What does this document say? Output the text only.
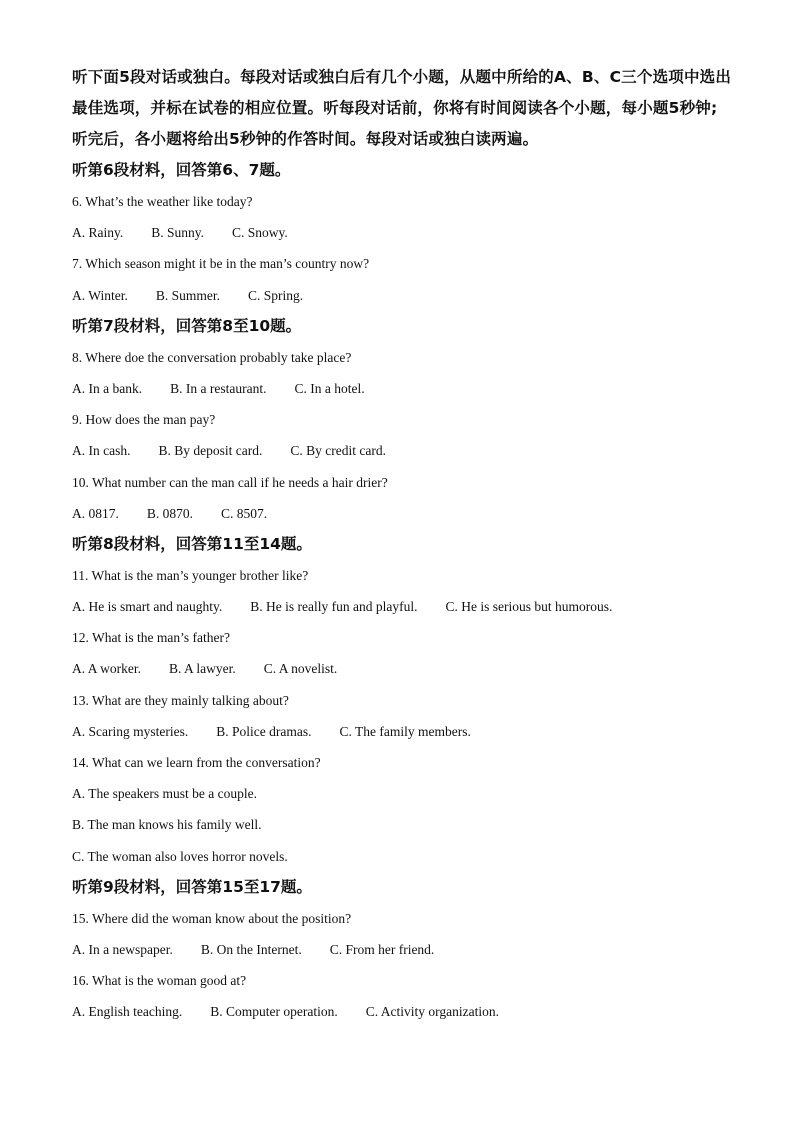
听下面5段对话或独白。每段对话或独白后有几个小题，从题中所给的A、B、C三个选项中选出最佳选项，并标在试卷的相应位置。听每段对话前，你将有时间阅读各个小题，每小题5秒钟;听完后，各小题将给出5秒钟的作答时间。每段对话或独白读两遍。

听第6段材料，回答第6、7题。

6. What’s the weather like today?

A. Rainy. B. Sunny. C. Snowy.

7. Which season might it be in the man’s country now?

A. Winter. B. Summer. C. Spring.

听第7段材料，回答第8至10题。

8. Where doe the conversation probably take place?

A. In a bank. B. In a restaurant. C. In a hotel.

9. How does the man pay?

A. In cash. B. By deposit card. C. By credit card.

10. What number can the man call if he needs a hair drier?

A. 0817. B. 0870. C. 8507.

听第8段材料，回答第11至14题。

11. What is the man’s younger brother like?

A. He is smart and naughty. B. He is really fun and playful. C. He is serious but humorous.

12. What is the man’s father?

A. A worker. B. A lawyer. C. A novelist.

13. What are they mainly talking about?

A. Scaring mysteries. B. Police dramas. C. The family members.

14. What can we learn from the conversation?

A. The speakers must be a couple.

B. The man knows his family well.

C. The woman also loves horror novels.

听第9段材料，回答第15至17题。

15. Where did the woman know about the position?

A. In a newspaper. B. On the Internet. C. From her friend.

16. What is the woman good at?

A. English teaching. B. Computer operation. C. Activity organization.
